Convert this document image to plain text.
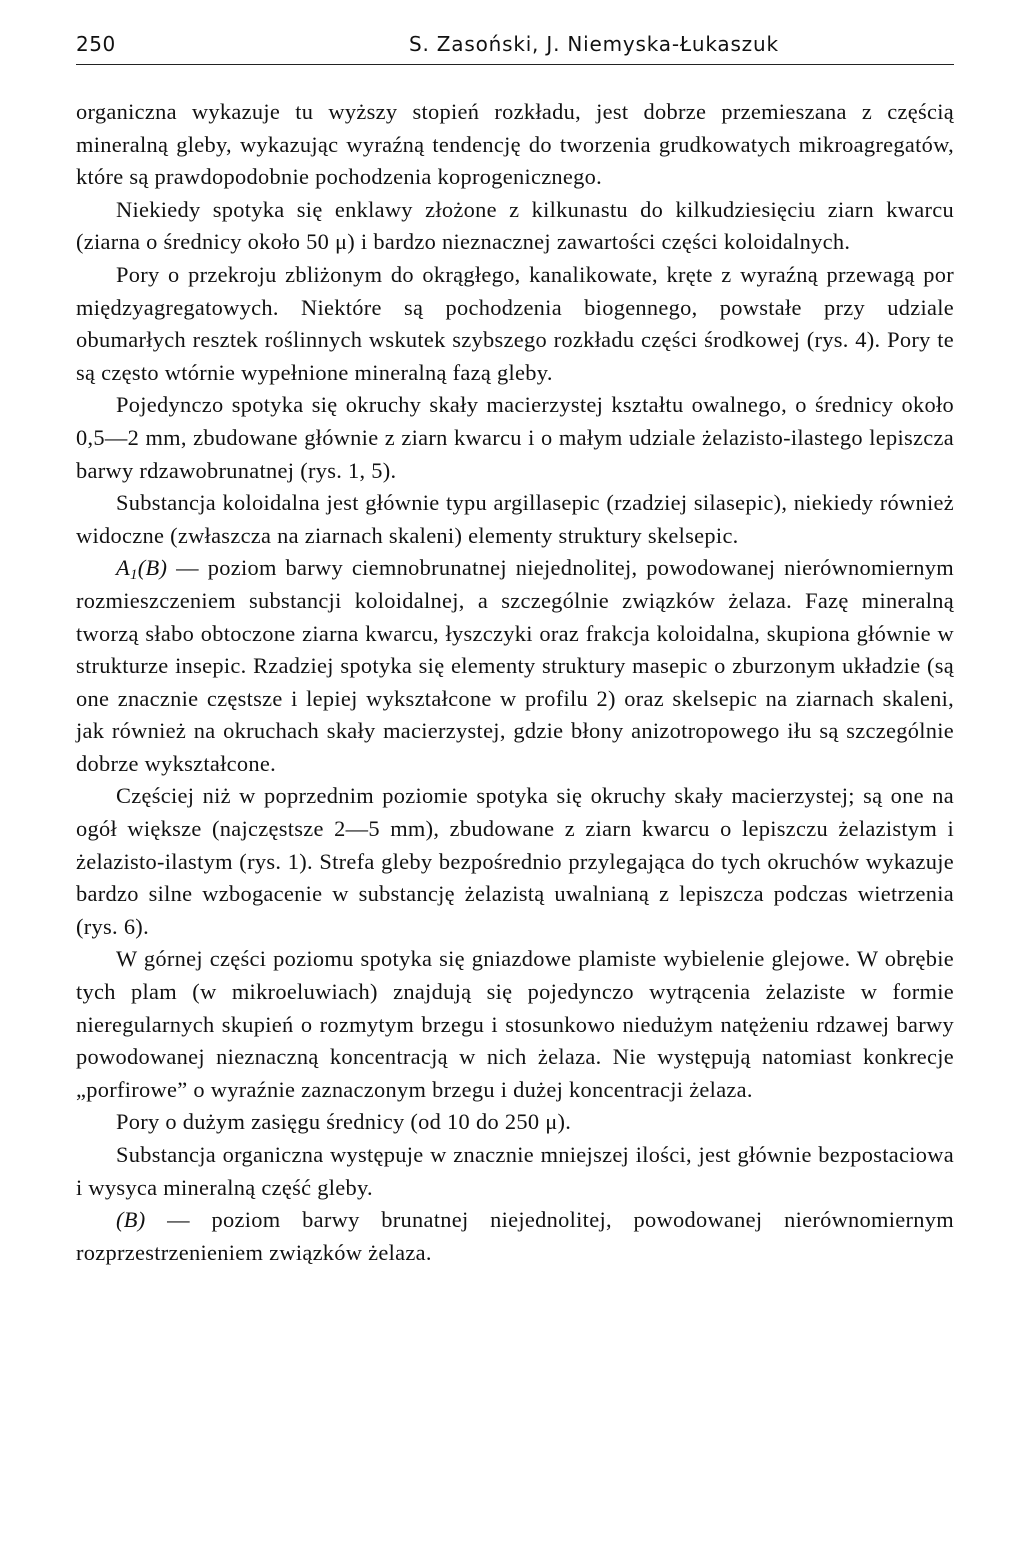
250	S. Zasoński, J. Niemyska-Łukaszuk

organiczna wykazuje tu wyższy stopień rozkładu, jest dobrze przemieszana z częścią mineralną gleby, wykazując wyraźną tendencję do tworzenia grudkowatych mikroagregatów, które są prawdopodobnie pochodzenia koprogenicznego.

Niekiedy spotyka się enklawy złożone z kilkunastu do kilkudziesięciu ziarn kwarcu (ziarna o średnicy około 50 μ) i bardzo nieznacznej zawartości części koloidalnych.

Pory o przekroju zbliżonym do okrągłego, kanalikowate, kręte z wyraźną przewagą por międzyagregatowych. Niektóre są pochodzenia biogennego, powstałe przy udziale obumarłych resztek roślinnych wskutek szybszego rozkładu części środkowej (rys. 4). Pory te są często wtórnie wypełnione mineralną fazą gleby.

Pojedynczo spotyka się okruchy skały macierzystej kształtu owalnego, o średnicy około 0,5—2 mm, zbudowane głównie z ziarn kwarcu i o małym udziale żelazisto-ilastego lepiszcza barwy rdzawobrunatnej (rys. 1, 5).

Substancja koloidalna jest głównie typu argillasepic (rzadziej silasepic), niekiedy również widoczne (zwłaszcza na ziarnach skaleni) elementy struktury skelsepic.

$A_1(B)$ — poziom barwy ciemnobrunatnej niejednolitej, powodowanej nierównomiernym rozmieszczeniem substancji koloidalnej, a szczególnie związków żelaza. Fazę mineralną tworzą słabo obtoczone ziarna kwarcu, łyszczyki oraz frakcja koloidalna, skupiona głównie w strukturze insepic. Rzadziej spotyka się elementy struktury masepic o zburzonym układzie (są one znacznie częstsze i lepiej wykształcone w profilu 2) oraz skelsepic na ziarnach skaleni, jak również na okruchach skały macierzystej, gdzie błony anizotropowego iłu są szczególnie dobrze wykształcone.

Częściej niż w poprzednim poziomie spotyka się okruchy skały macierzystej; są one na ogół większe (najczęstsze 2—5 mm), zbudowane z ziarn kwarcu o lepiszczu żelazistym i żelazisto-ilastym (rys. 1). Strefa gleby bezpośrednio przylegająca do tych okruchów wykazuje bardzo silne wzbogacenie w substancję żelazistą uwalnianą z lepiszcza podczas wietrzenia (rys. 6).

W górnej części poziomu spotyka się gniazdowe plamiste wybielenie glejowe. W obrębie tych plam (w mikroeluwiach) znajdują się pojedynczo wytrącenia żelaziste w formie nieregularnych skupień o rozmytym brzegu i stosunkowo niedużym natężeniu rdzawej barwy powodowanej nieznaczną koncentracją w nich żelaza. Nie występują natomiast konkrecje „porfirowe” o wyraźnie zaznaczonym brzegu i dużej koncentracji żelaza.

Pory o dużym zasięgu średnicy (od 10 do 250 μ).

Substancja organiczna występuje w znacznie mniejszej ilości, jest głównie bezpostaciowa i wysyca mineralną część gleby.

(B) — poziom barwy brunatnej niejednolitej, powodowanej nierównomiernym rozprzestrzenieniem związków żelaza.
